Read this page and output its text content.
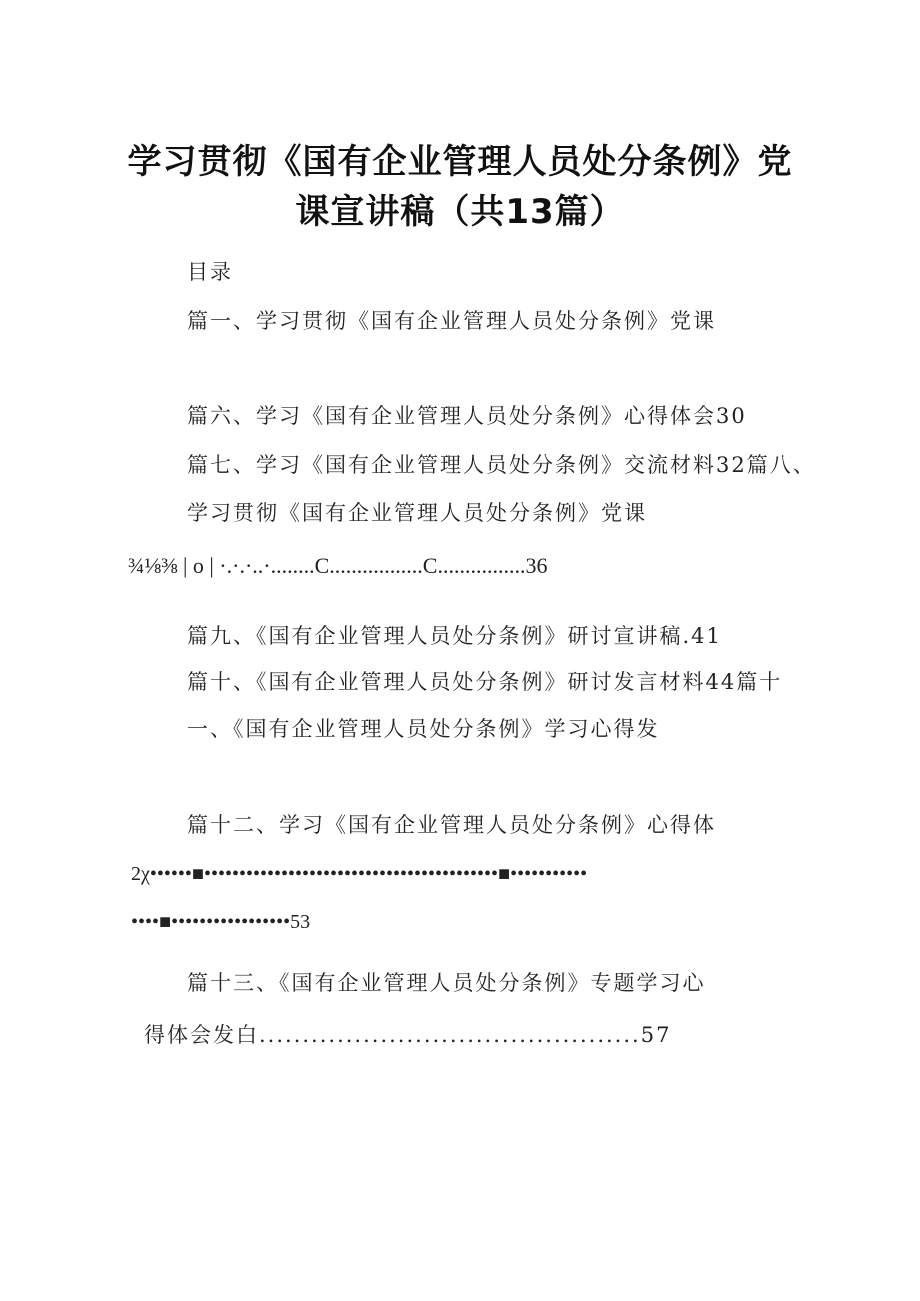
学习贯彻《国有企业管理人员处分条例》党
课宣讲稿（共13篇）
目录
篇一、学习贯彻《国有企业管理人员处分条例》党课
篇六、学习《国有企业管理人员处分条例》心得体会30
篇七、学习《国有企业管理人员处分条例》交流材料32篇八、
学习贯彻《国有企业管理人员处分条例》党课
¾⅛⅜ | o | ·.·.·..·........C.................C................36
篇九、《国有企业管理人员处分条例》研讨宣讲稿.41
篇十、《国有企业管理人员处分条例》研讨发言材料44篇十
一、《国有企业管理人员处分条例》学习心得发
篇十二、学习《国有企业管理人员处分条例》心得体
2χ••••••■••••••••••••••••••••••••••••••••••••••••••■•••••••••••
••••■•••••••••••••••••53
篇十三、《国有企业管理人员处分条例》专题学习心
得体会发白............................................57
